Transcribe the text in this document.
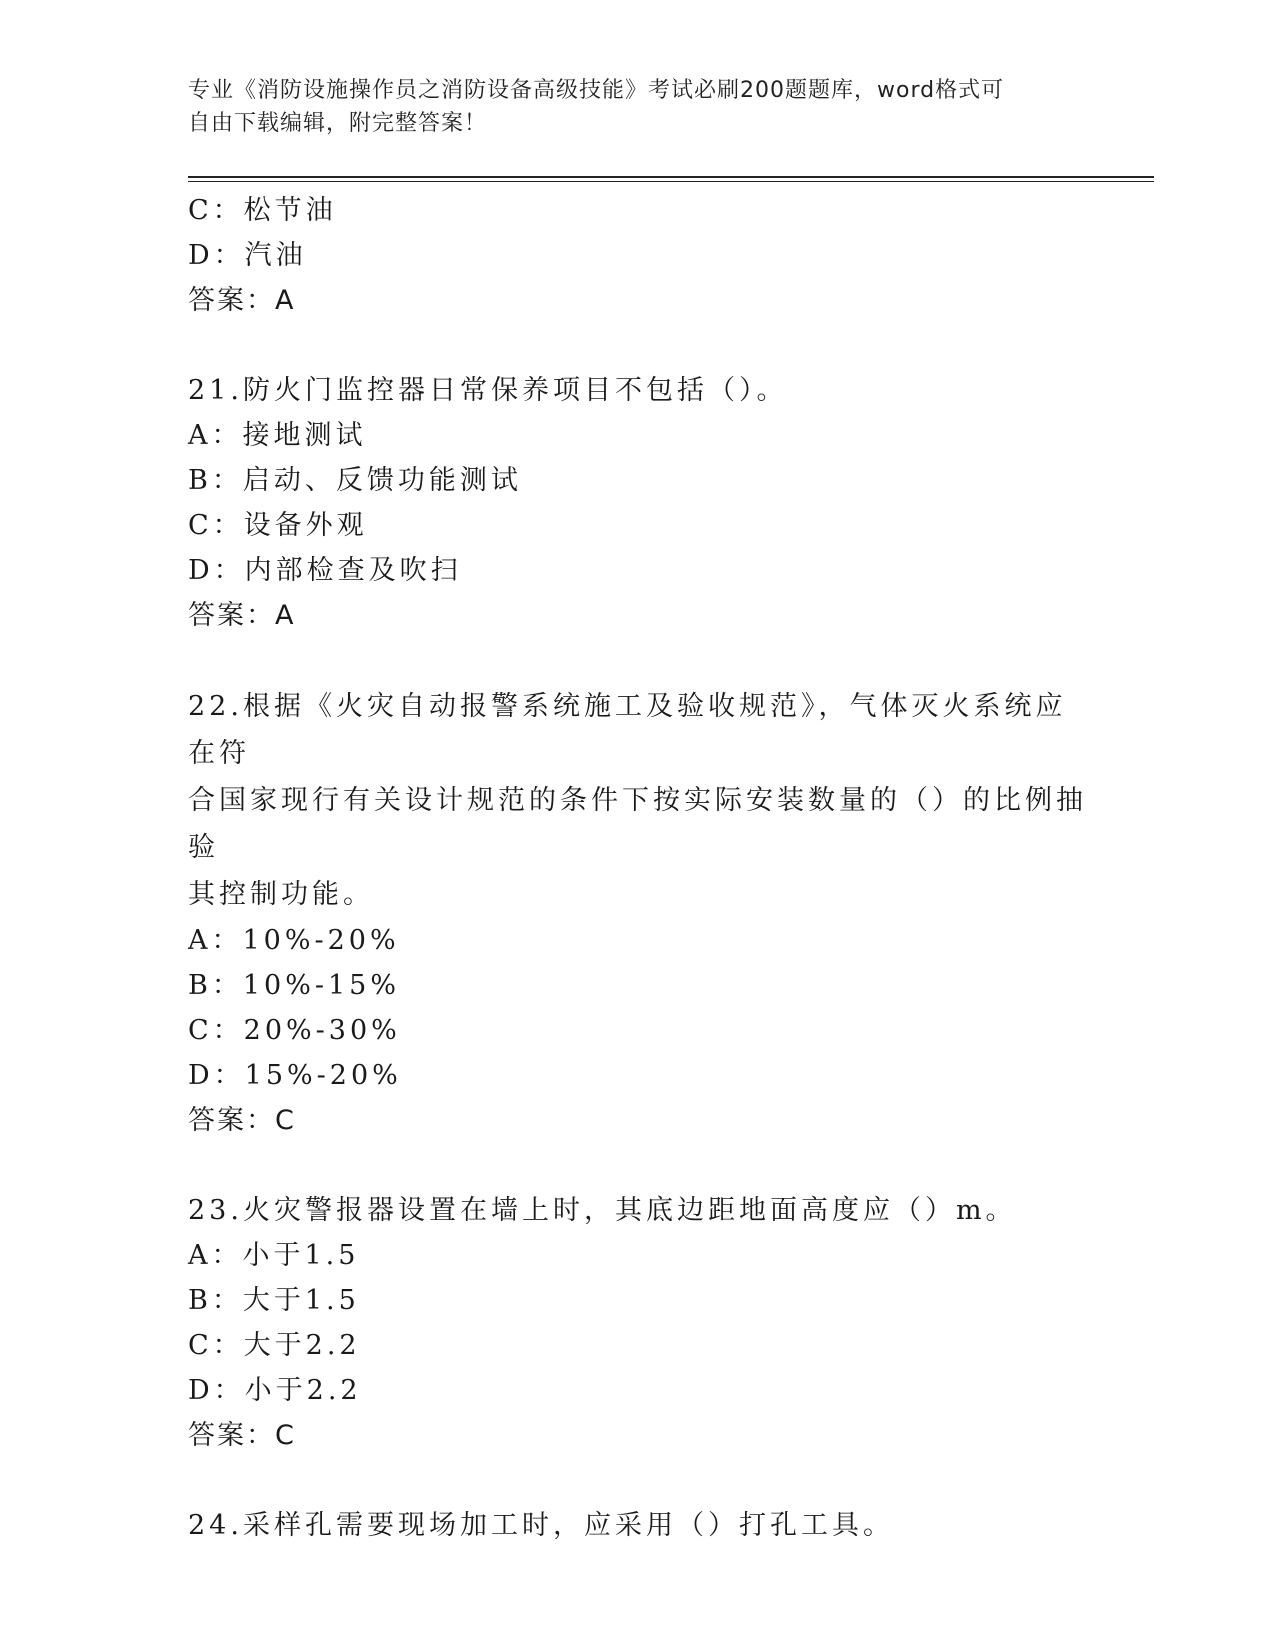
专业《消防设施操作员之消防设备高级技能》考试必刷200题题库，word格式可
自由下载编辑，附完整答案！
C：松节油
D：汽油
答案：A
21.防火门监控器日常保养项目不包括（）。
A：接地测试
B：启动、反馈功能测试
C：设备外观
D：内部检查及吹扫
答案：A
22.根据《火灾自动报警系统施工及验收规范》，气体灭火系统应在符
合国家现行有关设计规范的条件下按实际安装数量的（）的比例抽验
其控制功能。
A：10%-20%
B：10%-15%
C：20%-30%
D：15%-20%
答案：C
23.火灾警报器设置在墙上时，其底边距地面高度应（）m。
A：小于1.5
B：大于1.5
C：大于2.2
D：小于2.2
答案：C
24.采样孔需要现场加工时，应采用（）打孔工具。
